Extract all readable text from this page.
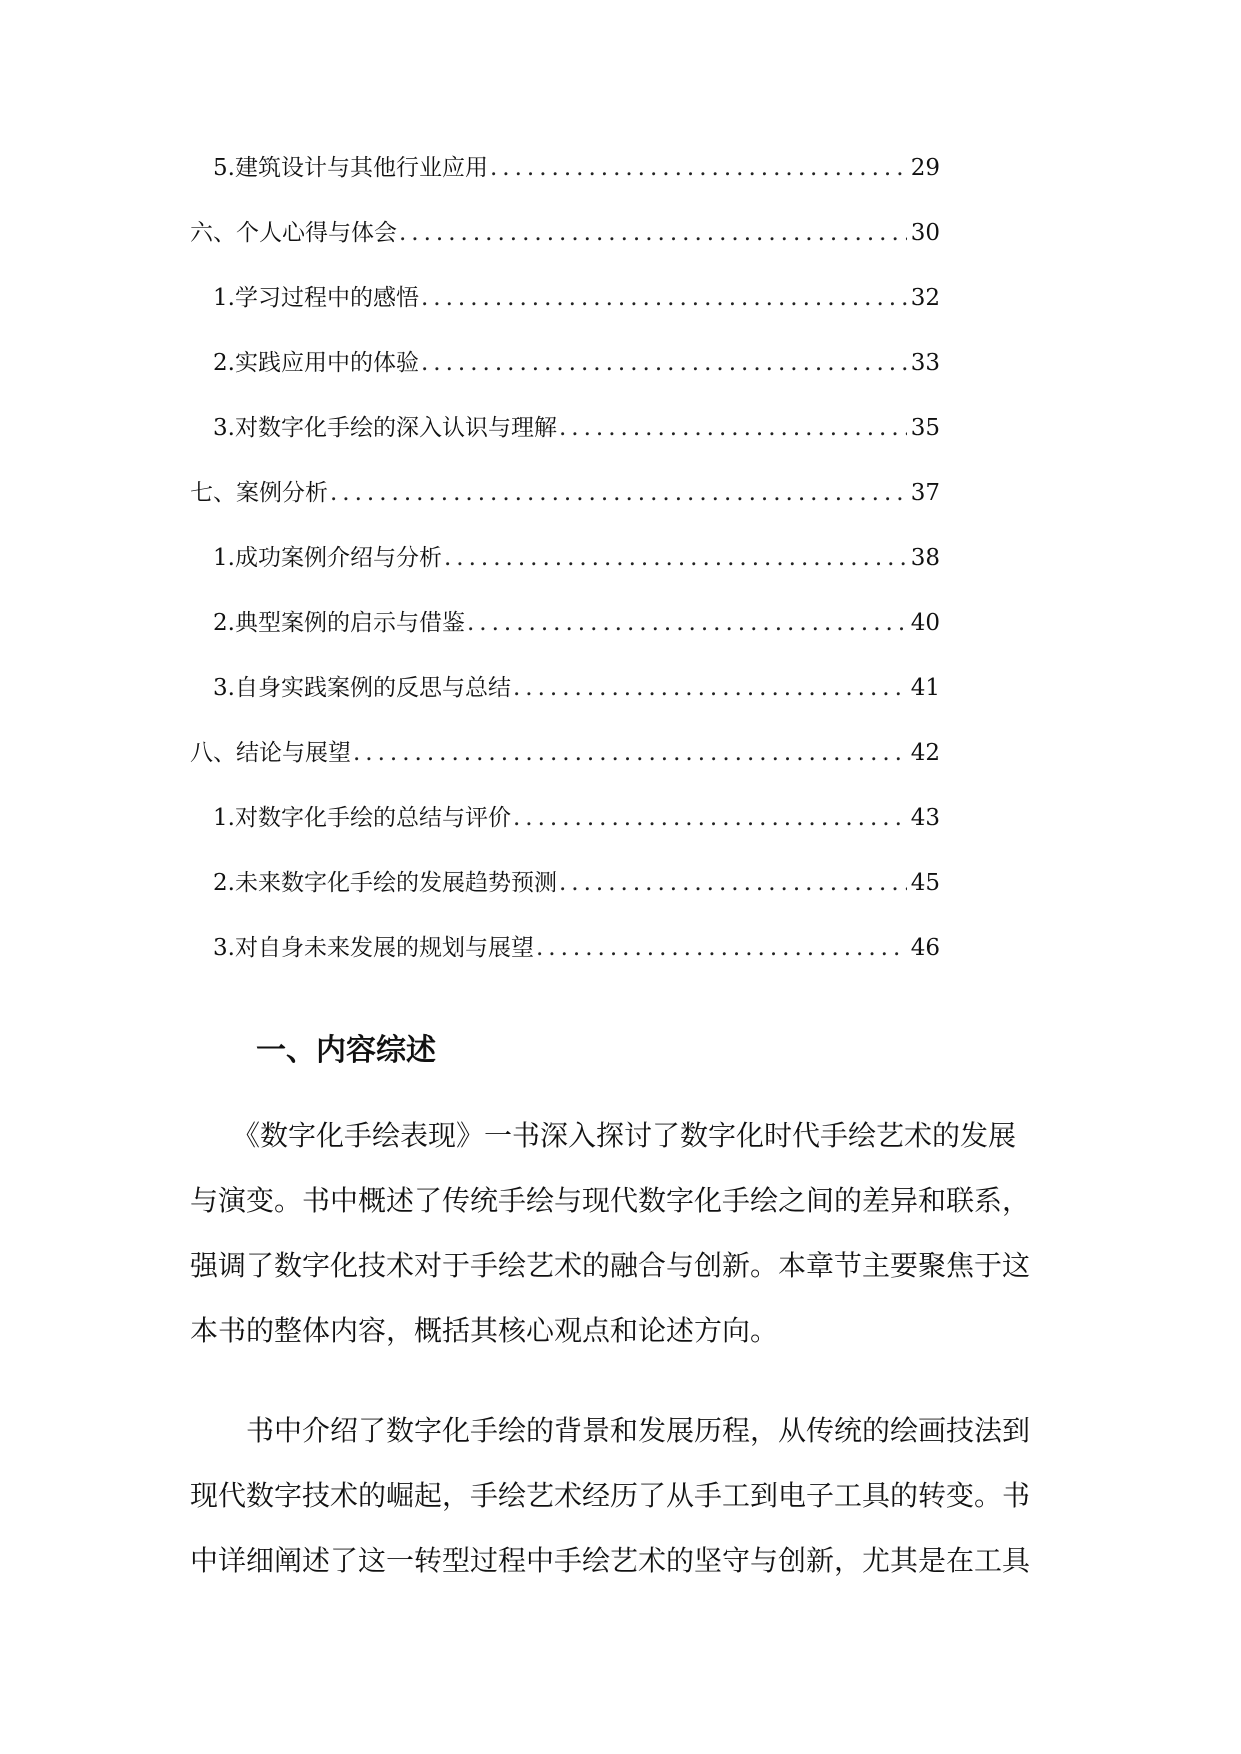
5. 建筑设计与其他行业应用 .....	29
六、个人心得与体会 .....	30
1. 学习过程中的感悟 .....	32
2. 实践应用中的体验 .....	33
3. 对数字化手绘的深入认识与理解 .....	35
七、案例分析 .....	37
1. 成功案例介绍与分析 .....	38
2. 典型案例的启示与借鉴 .....	40
3. 自身实践案例的反思与总结 .....	41
八、结论与展望 .....	42
1. 对数字化手绘的总结与评价 .....	43
2. 未来数字化手绘的发展趋势预测 .....	45
3. 对自身未来发展的规划与展望 .....	46
一、内容综述

　　《数字化手绘表现》一书深入探讨了数字化时代手绘艺术的发展
与演变。书中概述了传统手绘与现代数字化手绘之间的差异和联系，
强调了数字化技术对于手绘艺术的融合与创新。本章节主要聚焦于这
本书的整体内容，概括其核心观点和论述方向。

　　书中介绍了数字化手绘的背景和发展历程，从传统的绘画技法到
现代数字技术的崛起，手绘艺术经历了从手工到电子工具的转变。书
中详细阐述了这一转型过程中手绘艺术的坚守与创新，尤其是在工具
